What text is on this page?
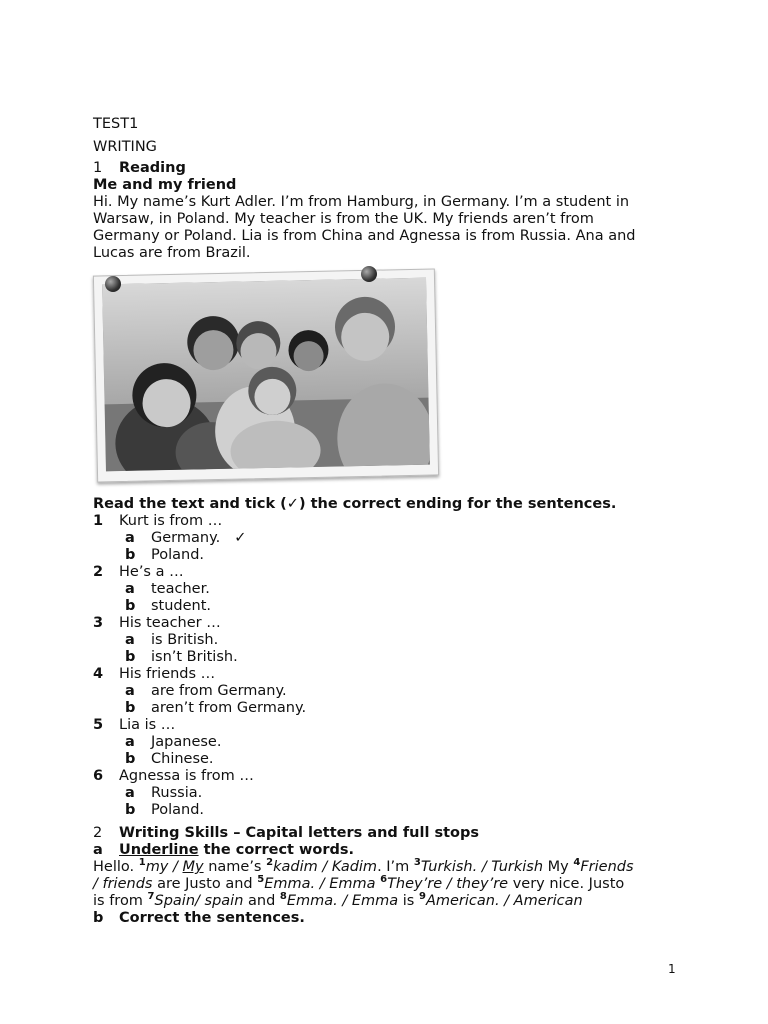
TEST1
WRITING
1 Reading
Me and my friend
Hi. My name’s Kurt Adler. I’m from Hamburg, in Germany. I’m a student in
Warsaw, in Poland. My teacher is from the UK. My friends aren’t from
Germany or Poland. Lia is from China and Agnessa is from Russia. Ana and
Lucas are from Brazil.
Read the text and tick (✓) the correct ending for the sentences.
1 Kurt is from …
a Germany. ✓
b Poland.
2 He’s a …
a teacher.
b student.
3 His teacher …
a is British.
b isn’t British.
4 His friends …
a are from Germany.
b aren’t from Germany.
5 Lia is …
a Japanese.
b Chinese.
6 Agnessa is from …
a Russia.
b Poland.
2 Writing Skills – Capital letters and full stops
a Underline the correct words.
Hello. $^1$my / My name’s $^2$kadim / Kadim. I’m $^3$Turkish. / Turkish My $^4$Friends
/ friends are Justo and $^5$Emma. / Emma $^6$They’re / they’re very nice. Justo
is from $^7$Spain/ spain and $^8$Emma. / Emma is $^9$American. / American
b Correct the sentences.
1
